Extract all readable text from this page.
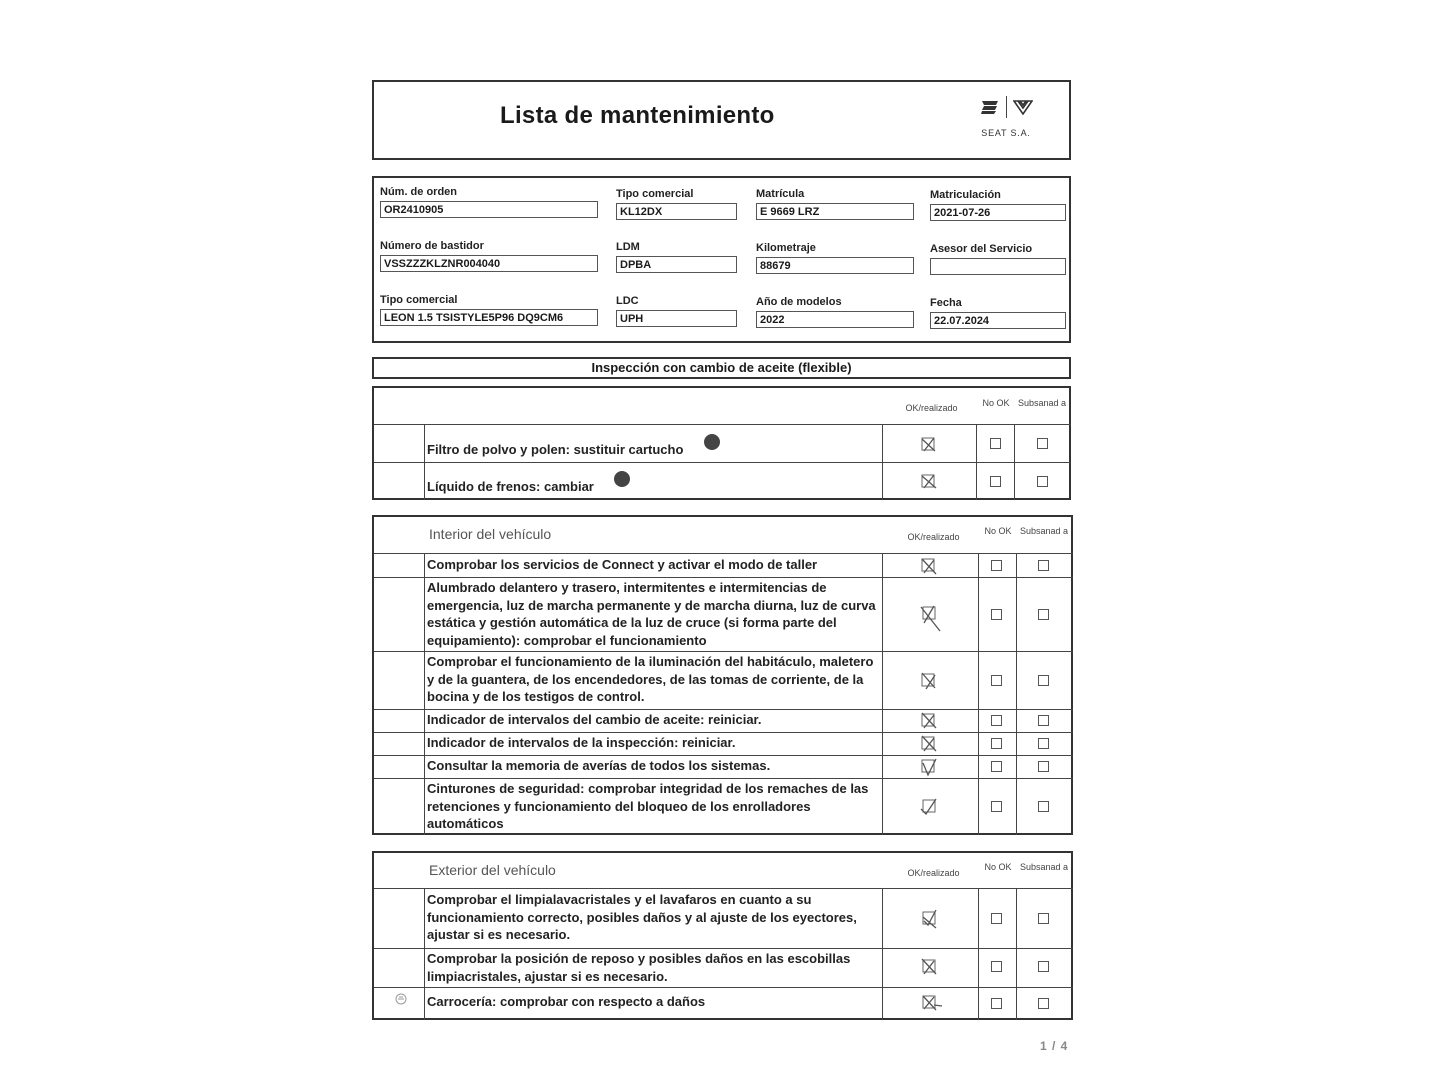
Lista de mantenimiento
SEAT S.A.
Núm. de orden
OR2410905
Tipo comercial
KL12DX
Matrícula
E 9669 LRZ
Matriculación
2021-07-26
Número de bastidor
VSSZZZKLZNR004040
LDM
DPBA
Kilometraje
88679
Asesor del Servicio
Tipo comercial
LEON 1.5 TSISTYLE5P96 DQ9CM6
LDC
UPH
Año de modelos
2022
Fecha
22.07.2024
Inspección con cambio de aceite (flexible)
OK/realizado	No OK Subsanad a
Filtro de polvo y polen: sustituir cartucho
Líquido de frenos: cambiar
Interior del vehículo	OK/realizado
No OK Subsanad a
Comprobar los servicios de Connect y activar el modo de taller
Alumbrado delantero y trasero, intermitentes e intermitencias de emergencia, luz de marcha permanente y de marcha diurna, luz de curva estática y gestión automática de la luz de cruce (si forma parte del equipamiento): comprobar el funcionamiento
Comprobar el funcionamiento de la iluminación del habitáculo, maletero y de la guantera, de los encendedores, de las tomas de corriente, de la bocina y de los testigos de control.
Indicador de intervalos del cambio de aceite: reiniciar.
Indicador de intervalos de la inspección: reiniciar.
Consultar la memoria de averías de todos los sistemas.
Cinturones de seguridad: comprobar integridad de los remaches de las retenciones y funcionamiento del bloqueo de los enrolladores automáticos
Exterior del vehículo	OK/realizado
No OK Subsanad a
Comprobar el limpialavacristales y el lavafaros en cuanto a su funcionamiento correcto, posibles daños y al ajuste de los eyectores, ajustar si es necesario.
Comprobar la posición de reposo y posibles daños en las escobillas limpiacristales, ajustar si es necesario.
Carrocería: comprobar con respecto a daños
1 / 4
